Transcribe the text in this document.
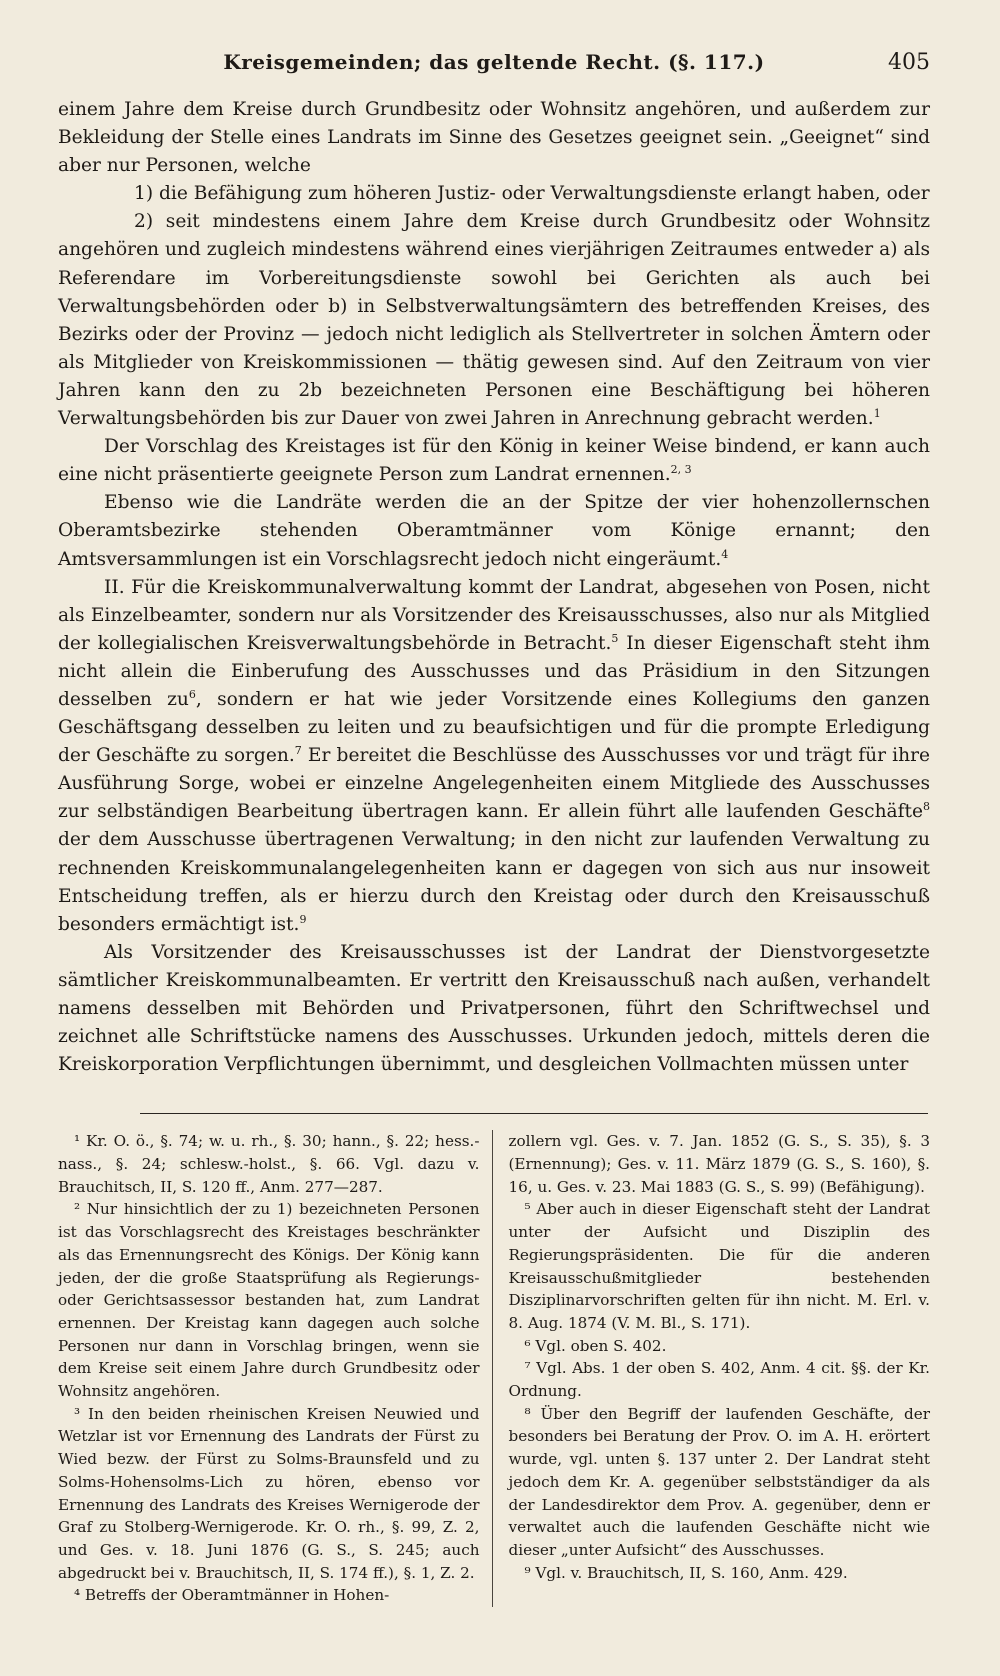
Kreisgemeinden; das geltende Recht. (§. 117.)	405

einem Jahre dem Kreise durch Grundbesitz oder Wohnsitz angehören, und außerdem zur Bekleidung der Stelle eines Landrats im Sinne des Gesetzes geeignet sein. „Geeignet“ sind aber nur Personen, welche

1) die Befähigung zum höheren Justiz- oder Verwaltungsdienste erlangt haben, oder

2) seit mindestens einem Jahre dem Kreise durch Grundbesitz oder Wohnsitz angehören und zugleich mindestens während eines vierjährigen Zeitraumes entweder a) als Referendare im Vorbereitungsdienste sowohl bei Gerichten als auch bei Verwaltungsbehörden oder b) in Selbstverwaltungsämtern des betreffenden Kreises, des Bezirks oder der Provinz — jedoch nicht lediglich als Stellvertreter in solchen Ämtern oder als Mitglieder von Kreiskommissionen — thätig gewesen sind. Auf den Zeitraum von vier Jahren kann den zu 2b bezeichneten Personen eine Beschäftigung bei höheren Verwaltungsbehörden bis zur Dauer von zwei Jahren in Anrechnung gebracht werden.$^1$

Der Vorschlag des Kreistages ist für den König in keiner Weise bindend, er kann auch eine nicht präsentierte geeignete Person zum Landrat ernennen.$^{2, 3}$

Ebenso wie die Landräte werden die an der Spitze der vier hohenzollernschen Oberamtsbezirke stehenden Oberamtmänner vom Könige ernannt; den Amtsversammlungen ist ein Vorschlagsrecht jedoch nicht eingeräumt.$^4$

II. Für die Kreiskommunalverwaltung kommt der Landrat, abgesehen von Posen, nicht als Einzelbeamter, sondern nur als Vorsitzender des Kreisausschusses, also nur als Mitglied der kollegialischen Kreisverwaltungsbehörde in Betracht.$^5$ In dieser Eigenschaft steht ihm nicht allein die Einberufung des Ausschusses und das Präsidium in den Sitzungen desselben $zu^6$, sondern er hat wie jeder Vorsitzende eines Kollegiums den ganzen Geschäftsgang desselben zu leiten und zu beaufsichtigen und für die prompte Erledigung der Geschäfte zu sorgen.$^7$ Er bereitet die Beschlüsse des Ausschusses vor und trägt für ihre Ausführung Sorge, wobei er einzelne Angelegenheiten einem Mitgliede des Ausschusses zur selbständigen Bearbeitung übertragen kann. Er allein führt alle laufenden Geschäfte$^8$ der dem Ausschusse übertragenen Verwaltung; in den nicht zur laufenden Verwaltung zu rechnenden Kreiskommunalangelegenheiten kann er dagegen von sich aus nur insoweit Entscheidung treffen, als er hierzu durch den Kreistag oder durch den Kreisausschuß besonders ermächtigt ist.$^9$

Als Vorsitzender des Kreisausschusses ist der Landrat der Dienstvorgesetzte sämtlicher Kreiskommunalbeamten. Er vertritt den Kreisausschuß nach außen, verhandelt namens desselben mit Behörden und Privatpersonen, führt den Schriftwechsel und zeichnet alle Schriftstücke namens des Ausschusses. Urkunden jedoch, mittels deren die Kreiskorporation Verpflichtungen übernimmt, und desgleichen Vollmachten müssen unter

¹ Kr. O. ö., §. 74; w. u. rh., §. 30; hann., §. 22; hess.-nass., §. 24; schlesw.-holst., §. 66. Vgl. dazu v. Brauchitsch, II, S. 120 ff., Anm. 277—287.

² Nur hinsichtlich der zu 1) bezeichneten Personen ist das Vorschlagsrecht des Kreistages beschränkter als das Ernennungsrecht des Königs. Der König kann jeden, der die große Staatsprüfung als Regierungs- oder Gerichtsassessor bestanden hat, zum Landrat ernennen. Der Kreistag kann dagegen auch solche Personen nur dann in Vorschlag bringen, wenn sie dem Kreise seit einem Jahre durch Grundbesitz oder Wohnsitz angehören.

³ In den beiden rheinischen Kreisen Neuwied und Wetzlar ist vor Ernennung des Landrats der Fürst zu Wied bezw. der Fürst zu Solms-Braunsfeld und zu Solms-Hohensolms-Lich zu hören, ebenso vor Ernennung des Landrats des Kreises Wernigerode der Graf zu Stolberg-Wernigerode. Kr. O. rh., §. 99, Z. 2, und Ges. v. 18. Juni 1876 (G. S., S. 245; auch abgedruckt bei v. Brauchitsch, II, S. 174 ff.), §. 1, Z. 2.

⁴ Betreffs der Oberamtmänner in Hohen-

zollern vgl. Ges. v. 7. Jan. 1852 (G. S., S. 35), §. 3 (Ernennung); Ges. v. 11. März 1879 (G. S., S. 160), §. 16, u. Ges. v. 23. Mai 1883 (G. S., S. 99) (Befähigung).

⁵ Aber auch in dieser Eigenschaft steht der Landrat unter der Aufsicht und Disziplin des Regierungspräsidenten. Die für die anderen Kreisausschußmitglieder bestehenden Disziplinarvorschriften gelten für ihn nicht. M. Erl. v. 8. Aug. 1874 (V. M. Bl., S. 171).

⁶ Vgl. oben S. 402.

⁷ Vgl. Abs. 1 der oben S. 402, Anm. 4 cit. §§. der Kr. Ordnung.

⁸ Über den Begriff der laufenden Geschäfte, der besonders bei Beratung der Prov. O. im A. H. erörtert wurde, vgl. unten §. 137 unter 2. Der Landrat steht jedoch dem Kr. A. gegenüber selbstständiger da als der Landesdirektor dem Prov. A. gegenüber, denn er verwaltet auch die laufenden Geschäfte nicht wie dieser „unter Aufsicht“ des Ausschusses.

⁹ Vgl. v. Brauchitsch, II, S. 160, Anm. 429.
